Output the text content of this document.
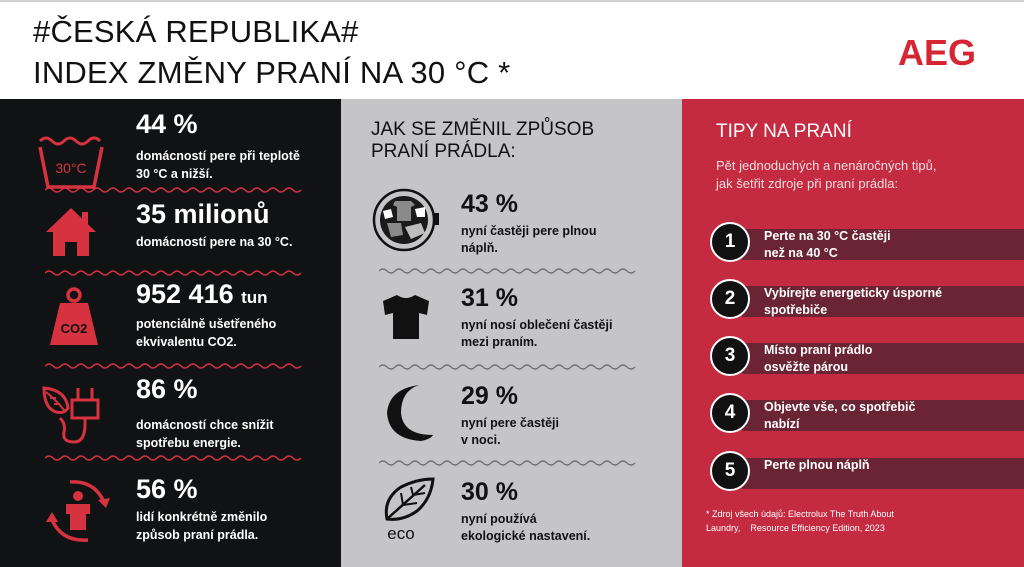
#ČESKÁ REPUBLIKA#
INDEX ZMĚNY PRANÍ NA 30 °C *	AEG
30°C
44 %
domácností pere při teplotě
30 °C a nižší.
35 milionů
domácností pere na 30 °C.
CO2
952 416 tun
potenciálně ušetřeného
ekvivalentu CO2.
86 %
domácností chce snížit
spotřebu energie.
56 %
lidí konkrétně změnilo
způsob praní prádla.
JAK SE ZMĚNIL ZPŮSOB
PRANÍ PRÁDLA:
43 %
nyní častěji pere plnou
náplň.
31 %
nyní nosí oblečení častěji
mezi praním.
29 %
nyní pere častěji
v noci.
eco
30 %
nyní používá
ekologické nastavení.
TIPY NA PRANÍ
Pět jednoduchých a nenáročných tipů,
jak šetřit zdroje při praní prádla:
1	Perte na 30 °C častěji
než na 40 °C
2	Vybírejte energeticky úsporné
spotřebiče
3	Místo praní prádlo
osvěžte párou
4	Objevte vše, co spotřebič
nabízí
5	Perte plnou náplň
* Zdroj všech údajů: Electrolux The Truth About
Laundry,    Resource Efficiency Edition, 2023
